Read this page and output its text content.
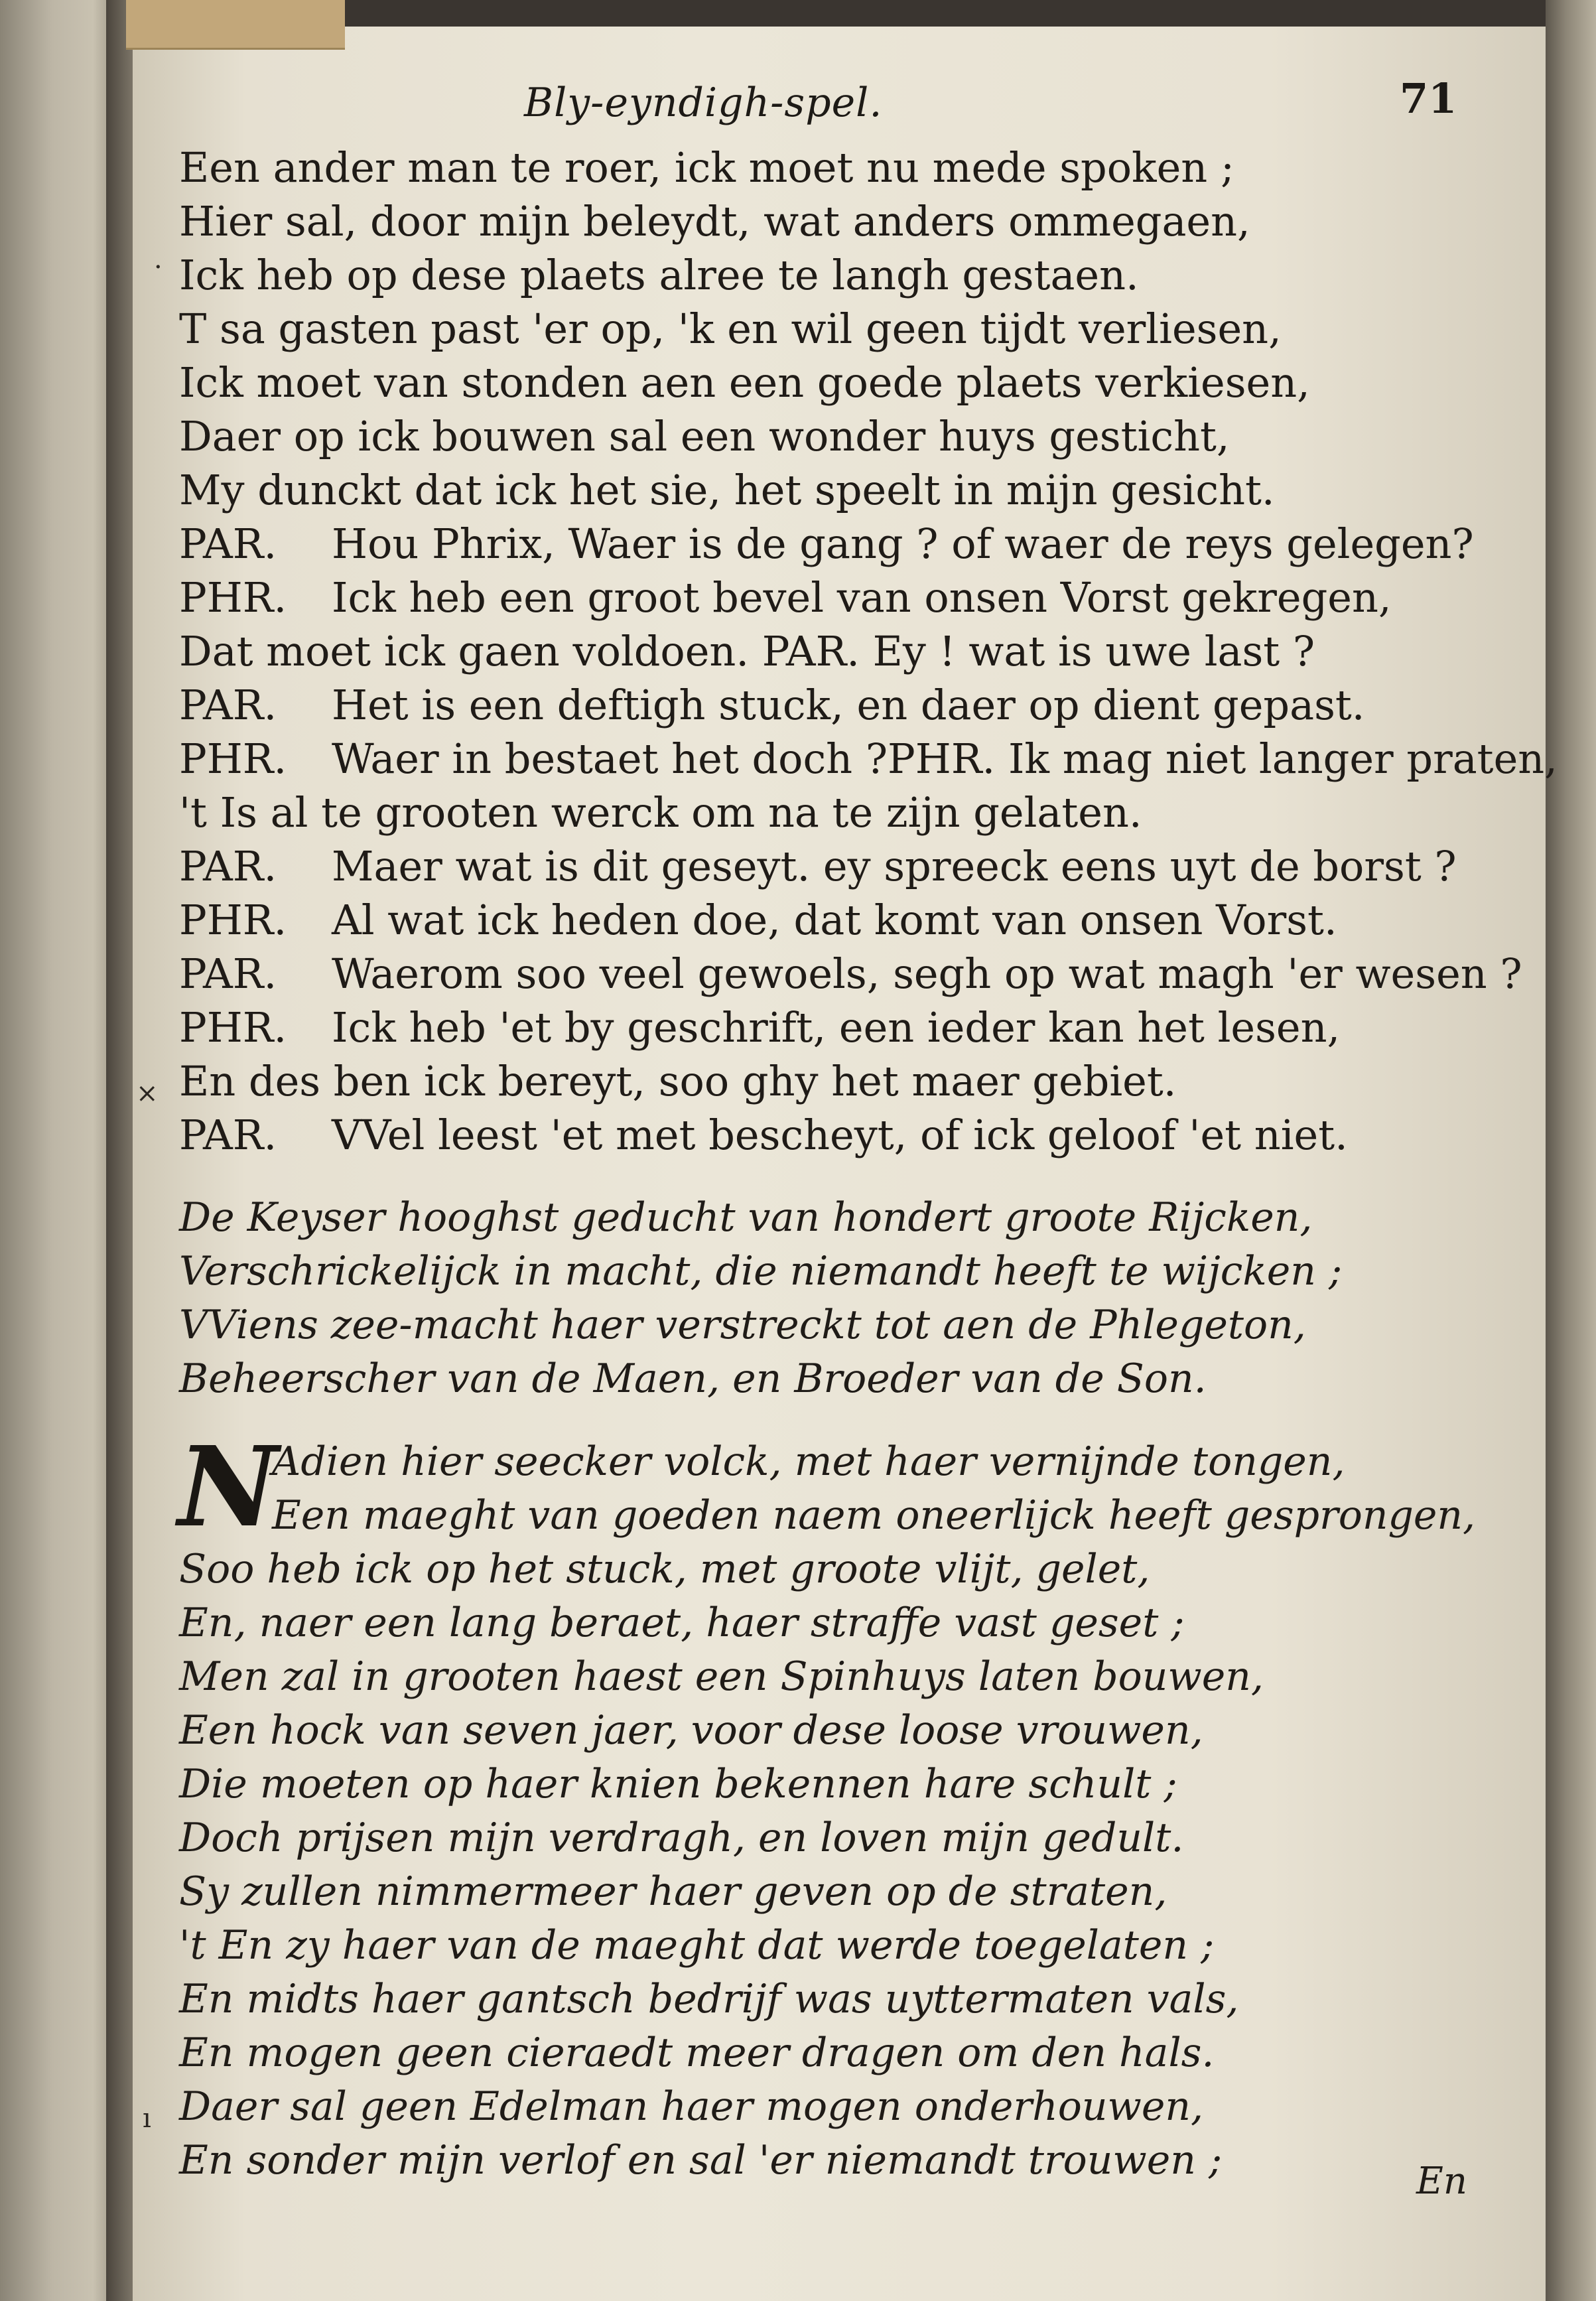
Bly-eyndigh-spel.	71
Een ander man te roer, ick moet nu mede spoken ;
Hier sal, door mijn beleydt, wat anders ommegaen,
Ick heb op dese plaets alree te langh gestaen.
T sa gasten past 'er op, 'k en wil geen tijdt verliesen,
Ick moet van stonden aen een goede plaets verkiesen,
Daer op ick bouwen sal een wonder huys gesticht,
My dunckt dat ick het sie, het speelt in mijn gesicht.
PAR. Hou Phrix, Waer is de gang ? of waer de reys gelegen?
PHR. Ick heb een groot bevel van onsen Vorst gekregen,
Dat moet ick gaen voldoen. PAR. Ey ! wat is uwe last ?
PAR. Het is een deftigh stuck, en daer op dient gepast.
PHR. Waer in bestaet het doch ?PHR. Ik mag niet langer praten,
't Is al te grooten werck om na te zijn gelaten.
PAR. Maer wat is dit geseyt. ey spreeck eens uyt de borst ?
PHR. Al wat ick heden doe, dat komt van onsen Vorst.
PAR. Waerom soo veel gewoels, segh op wat magh 'er wesen ?
PHR. Ick heb 'et by geschrift, een ieder kan het lesen,
En des ben ick bereyt, soo ghy het maer gebiet.
PAR. VVel leest 'et met bescheyt, of ick geloof 'et niet.
De Keyser hooghst geducht van hondert groote Rijcken,
Verschrickelijck in macht, die niemandt heeft te wijcken ;
VViens zee-macht haer verstreckt tot aen de Phlegeton,
Beheerscher van de Maen, en Broeder van de Son.
N
Adien hier seecker volck, met haer vernijnde tongen,
Een maeght van goeden naem oneerlijck heeft gesprongen,
Soo heb ick op het stuck, met groote vlijt, gelet,
En, naer een lang beraet, haer straffe vast geset ;
Men zal in grooten haest een Spinhuys laten bouwen,
Een hock van seven jaer, voor dese loose vrouwen,
Die moeten op haer knien bekennen hare schult ;
Doch prijsen mijn verdragh, en loven mijn gedult.
Sy zullen nimmermeer haer geven op de straten,
't En zy haer van de maeght dat werde toegelaten ;
En midts haer gantsch bedrijf was uyttermaten vals,
En mogen geen cieraedt meer dragen om den hals.
Daer sal geen Edelman haer mogen onderhouwen,
En sonder mijn verlof en sal 'er niemandt trouwen ;	En
·
×
ı
